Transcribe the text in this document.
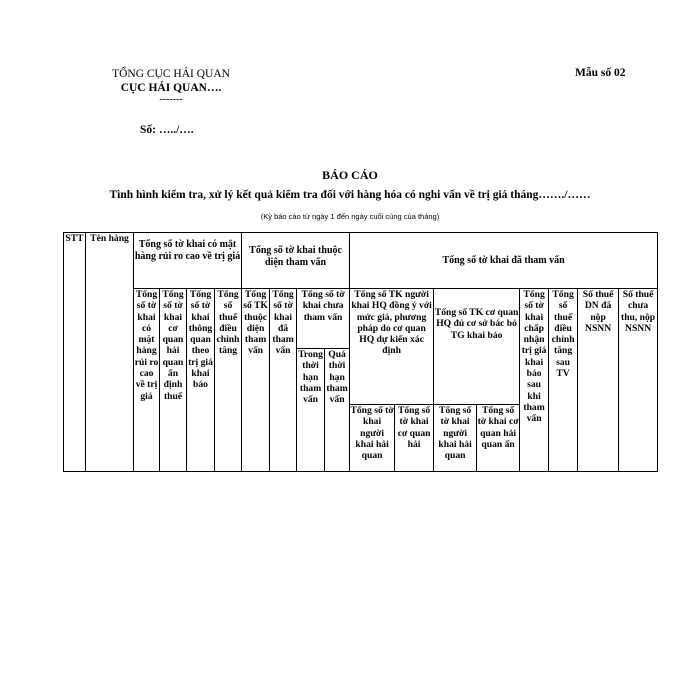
TỔNG CỤC HẢI QUAN
CỤC HẢI QUAN….
-------
Mẫu số 02
Số: …../….
BÁO CÁO
Tình hình kiểm tra, xử lý kết quả kiểm tra đối với hàng hóa có nghi vấn về trị giá tháng……./……
(Kỳ báo cáo từ ngày 1 đến ngày cuối cùng của tháng)
STT	Tên hàng	Tổng số tờ khai có mặt hàng rủi ro cao về trị giá				Tổng số tờ khai thuộc diện tham vấn				Tổng số tờ khai đã tham vấn							
		Tổng số tờ khai có mặt hàng rủi ro cao về trị giá	Tổng số tờ khai cơ quan hải quan ấn định thuế	Tổng số tờ khai thông quan theo trị giá khai báo	Tổng số thuế điều chỉnh tăng	Tổng số TK thuộc diện tham vấn	Tổng số tờ khai đã tham vấn	Tổng số tờ khai chưa tham vấn		Tổng số TK người khai HQ đồng ý với mức giá, phương pháp do cơ quan HQ dự kiến xác định		Tổng số TK cơ quan HQ đủ cơ sở bác bỏ TG khai báo		Tổng số tờ khai chấp nhận trị giá khai báo sau khi tham vấn	Tổng số thuế điều chỉnh tăng sau TV	Số thuế DN đã nộp NSNN	Số thuế chưa thu, nộp NSNN
								Trong thời hạn tham vấn	Quá thời hạn tham vấn								
										Tổng số tờ khai người khai hải quan	Tổng số tờ khai cơ quan hải	Tổng số tờ khai người khai hải quan	Tổng số tờ khai cơ quan hải quan ấn				
